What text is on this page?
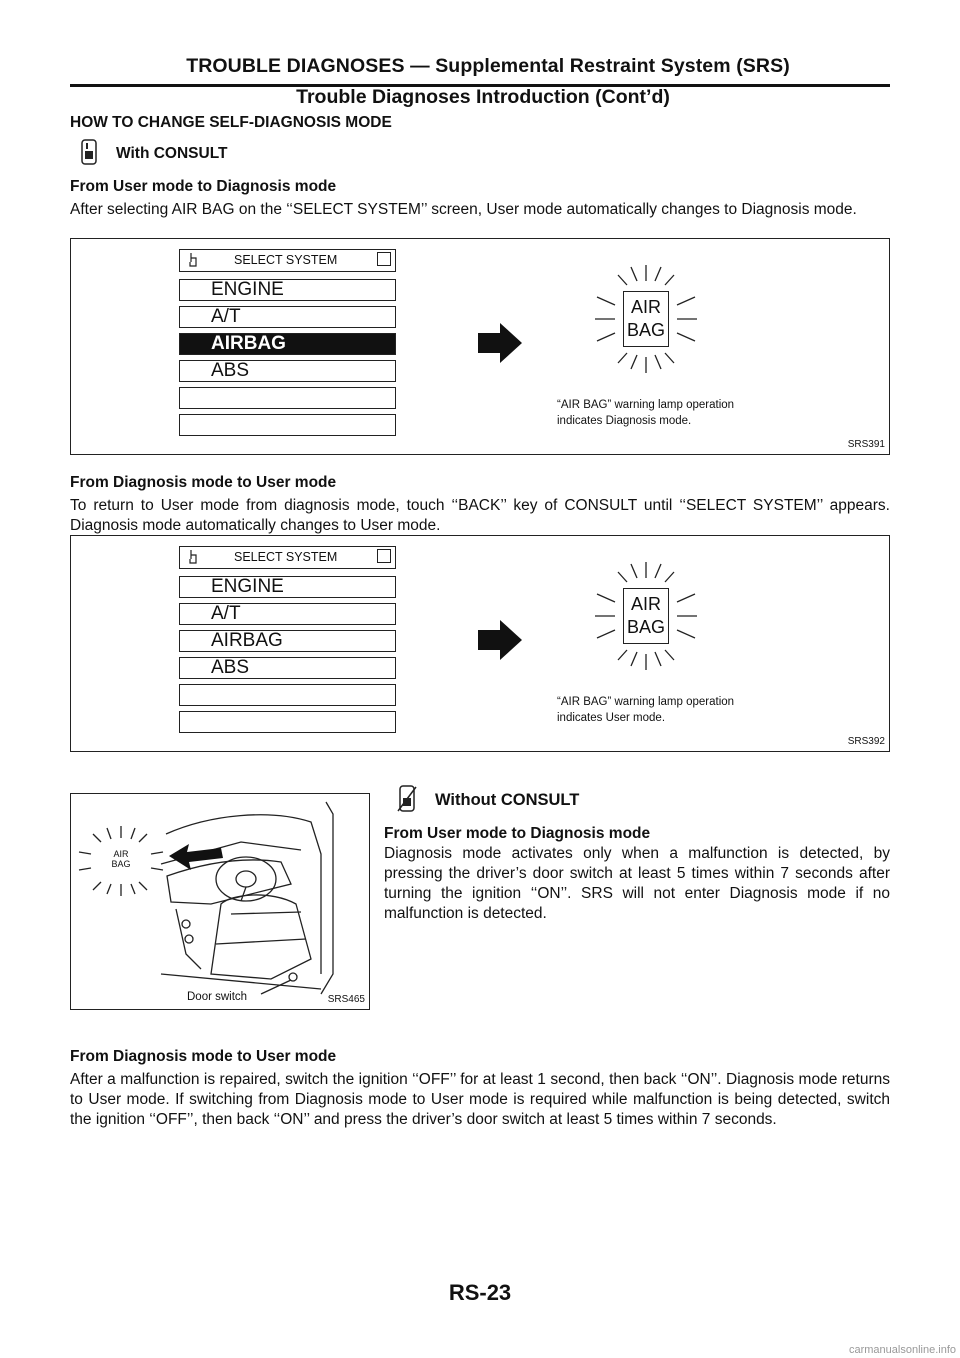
TROUBLE DIAGNOSES — Supplemental Restraint System (SRS)
Trouble Diagnoses Introduction (Cont’d)
HOW TO CHANGE SELF-DIAGNOSIS MODE
With CONSULT
From User mode to Diagnosis mode
After selecting AIR BAG on the ‘‘SELECT SYSTEM’’ screen, User mode automatically changes to Diagnosis mode.
SELECT SYSTEM
ENGINE
A/T
AIRBAG
ABS
AIR
BAG
“AIR BAG” warning lamp operation
indicates Diagnosis mode.
SRS391
From Diagnosis mode to User mode
To return to User mode from diagnosis mode, touch ‘‘BACK’’ key of CONSULT until ‘‘SELECT SYSTEM’’ appears. Diagnosis mode automatically changes to User mode.
SELECT SYSTEM
ENGINE
A/T
AIRBAG
ABS
AIR
BAG
“AIR BAG” warning lamp operation
indicates User mode.
SRS392
AIR
BAG
Door switch	SRS465
Without CONSULT
From User mode to Diagnosis mode
Diagnosis mode activates only when a malfunction is detected, by pressing the driver’s door switch at least 5 times within 7 seconds after turning the ignition ‘‘ON’’. SRS will not enter Diagnosis mode if no malfunction is detected.
From Diagnosis mode to User mode
After a malfunction is repaired, switch the ignition ‘‘OFF’’ for at least 1 second, then back ‘‘ON’’. Diagnosis mode returns to User mode. If switching from Diagnosis mode to User mode is required while malfunction is being detected, switch the ignition ‘‘OFF’’, then back ‘‘ON’’ and press the driver’s door switch at least 5 times within 7 seconds.
RS-23
carmanualsonline.info
